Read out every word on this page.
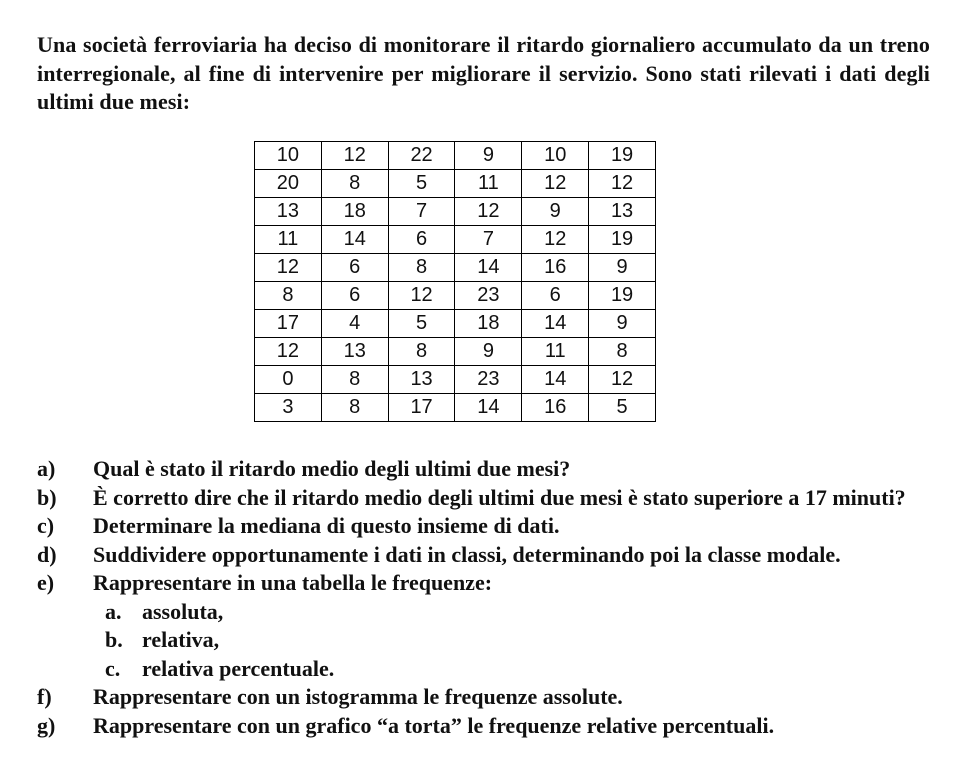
Una società ferroviaria ha deciso di monitorare il ritardo giornaliero accumulato da un treno interregionale, al fine di intervenire per migliorare il servizio. Sono stati rilevati i dati degli ultimi due mesi:
10	12	22	9	10	19
20	8	5	11	12	12
13	18	7	12	9	13
11	14	6	7	12	19
12	6	8	14	16	9
8	6	12	23	6	19
17	4	5	18	14	9
12	13	8	9	11	8
0	8	13	23	14	12
3	8	17	14	16	5
a) Qual è stato il ritardo medio degli ultimi due mesi?
b) È corretto dire che il ritardo medio degli ultimi due mesi è stato superiore a 17 minuti?
c) Determinare la mediana di questo insieme di dati.
d) Suddividere opportunamente i dati in classi, determinando poi la classe modale.
e) Rappresentare in una tabella le frequenze:
a. assoluta,
b. relativa,
c. relativa percentuale.
f) Rappresentare con un istogramma le frequenze assolute.
g) Rappresentare con un grafico “a torta” le frequenze relative percentuali.
